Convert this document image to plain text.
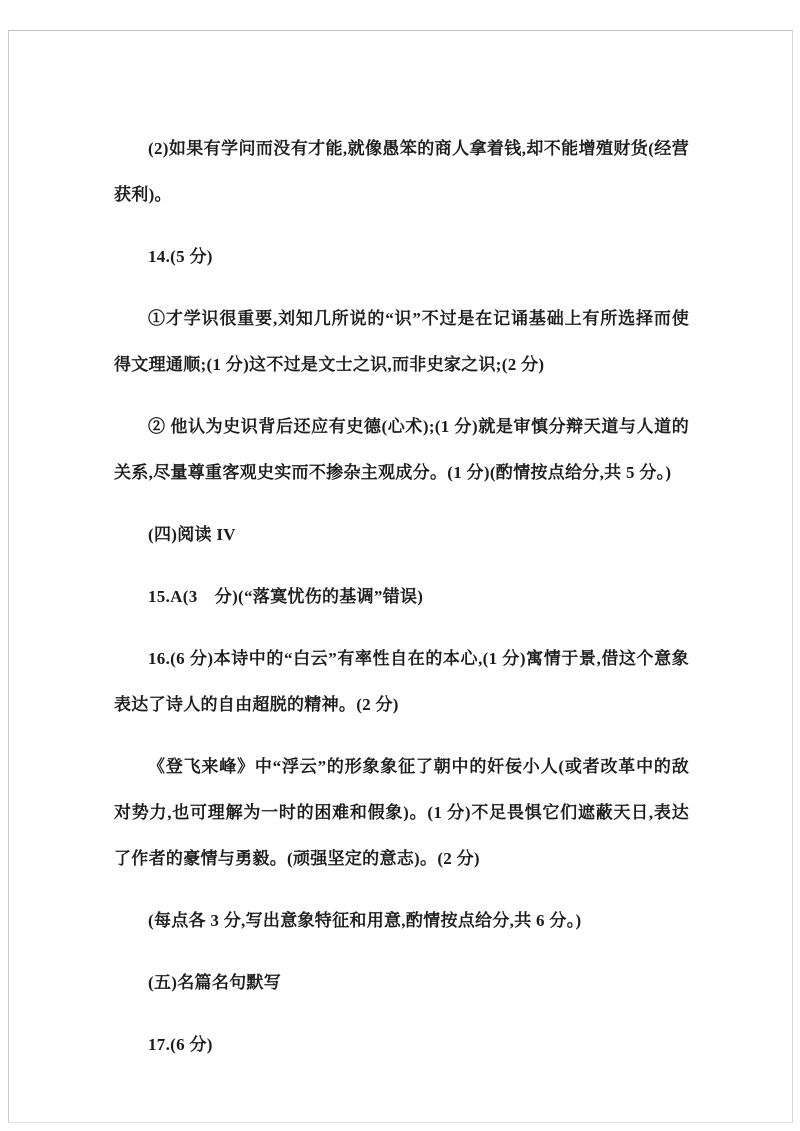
(2)如果有学问而没有才能,就像愚笨的商人拿着钱,却不能增殖财货(经营获利)。

14.(5 分)

①才学识很重要,刘知几所说的“识”不过是在记诵基础上有所选择而使得文理通顺;(1 分)这不过是文士之识,而非史家之识;(2 分)

② 他认为史识背后还应有史德(心术);(1 分)就是审慎分辩天道与人道的关系,尽量尊重客观史实而不掺杂主观成分。(1 分)(酌情按点给分,共 5 分。)

(四)阅读 IV

15.A(3　分)(“落寞忧伤的基调”错误)

16.(6 分)本诗中的“白云”有率性自在的本心,(1 分)寓情于景,借这个意象表达了诗人的自由超脱的精神。(2 分)

《登飞来峰》中“浮云”的形象象征了朝中的奸佞小人(或者改革中的敌对势力,也可理解为一时的困难和假象)。(1 分)不足畏惧它们遮蔽天日,表达了作者的豪情与勇毅。(顽强坚定的意志)。(2 分)

(每点各 3 分,写出意象特征和用意,酌情按点给分,共 6 分。)

(五)名篇名句默写

17.(6 分)
